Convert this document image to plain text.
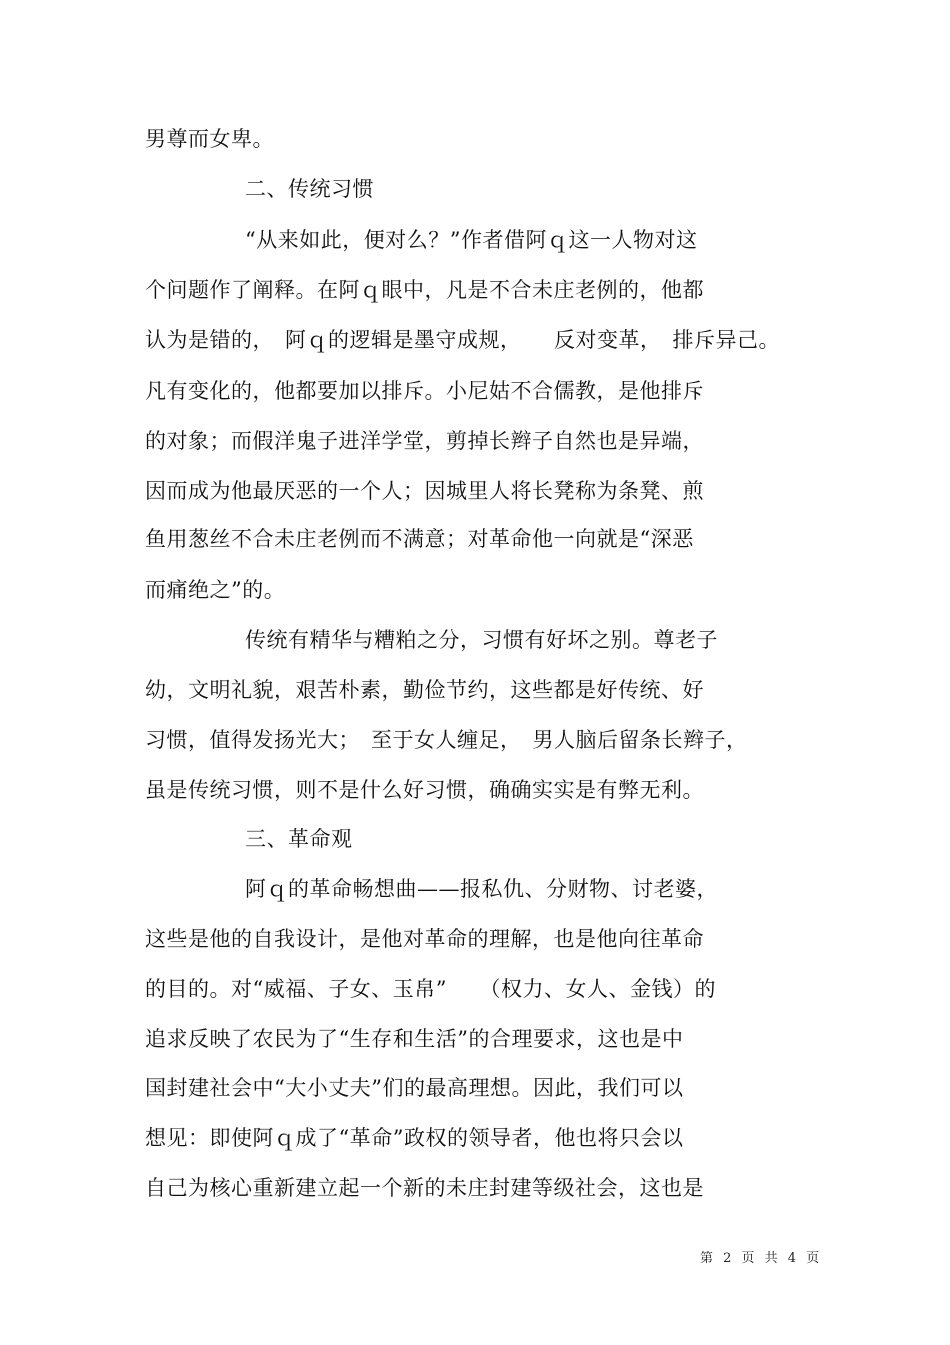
男尊而女卑。
二、传统习惯
“从来如此，便对么？”作者借阿ｑ这一人物对这
个问题作了阐释。在阿ｑ眼中，凡是不合未庄老例的，他都
认为是错的，　阿ｑ的逻辑是墨守成规，　　反对变革，　排斥异己。
凡有变化的，他都要加以排斥。小尼姑不合儒教，是他排斥
的对象；而假洋鬼子进洋学堂，剪掉长辫子自然也是异端，
因而成为他最厌恶的一个人；因城里人将长凳称为条凳、煎
鱼用葱丝不合未庄老例而不满意；对革命他一向就是“深恶
而痛绝之”的。
传统有精华与糟粕之分，习惯有好坏之别。尊老子
幼，文明礼貌，艰苦朴素，勤俭节约，这些都是好传统、好
习惯，值得发扬光大；　至于女人缠足，　男人脑后留条长辫子，
虽是传统习惯，则不是什么好习惯，确确实实是有弊无利。
三、革命观
阿ｑ的革命畅想曲——报私仇、分财物、讨老婆，
这些是他的自我设计，是他对革命的理解，也是他向往革命
的目的。对“威福、子女、玉帛”　　（权力、女人、金钱）的
追求反映了农民为了“生存和生活”的合理要求，这也是中
国封建社会中“大小丈夫”们的最高理想。因此，我们可以
想见：即使阿ｑ成了“革命”政权的领导者，他也将只会以
自己为核心重新建立起一个新的未庄封建等级社会，这也是
第 2 页 共 4 页
